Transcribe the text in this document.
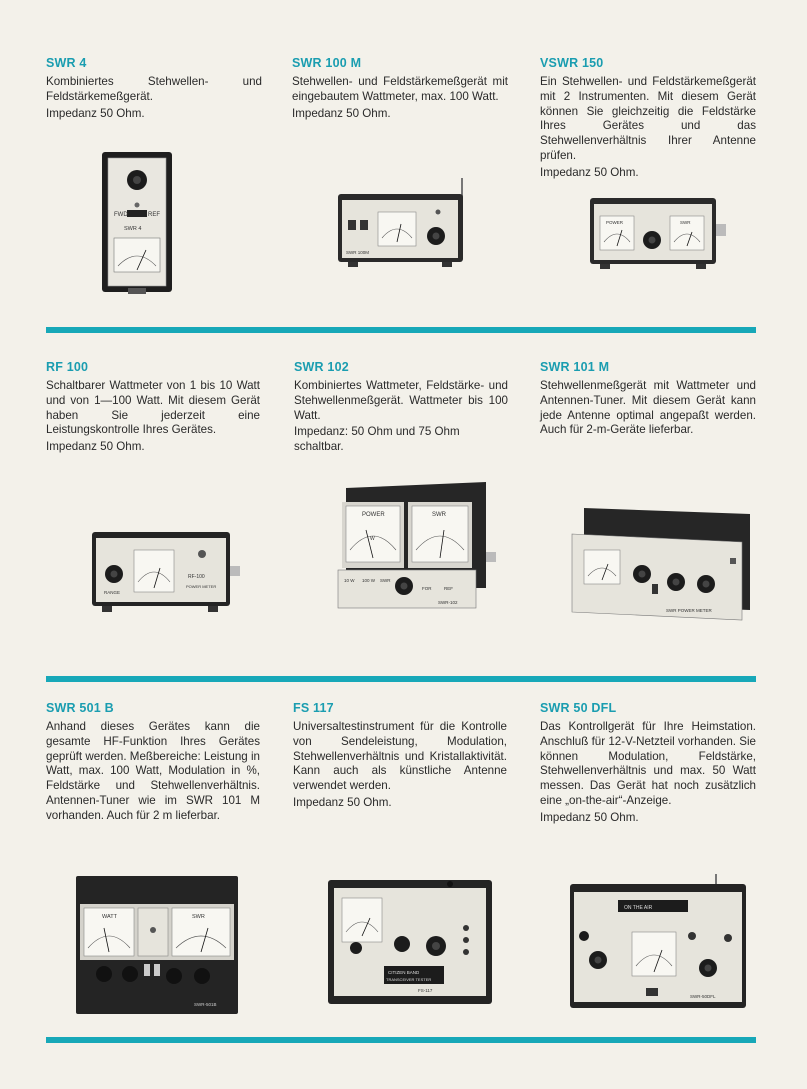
SWR 4

Kombiniertes Stehwellen- und Feldstärkemeßgerät.

Impedanz 50 Ohm.

SWR 100 M

Stehwellen- und Feldstärkemeßgerät mit eingebautem Wattmeter, max. 100 Watt.

Impedanz 50 Ohm.

VSWR 150

Ein Stehwellen- und Feldstärkemeßgerät mit 2 Instrumenten. Mit diesem Gerät können Sie gleichzeitig die Feldstärke Ihres Gerätes und das Stehwellenverhältnis Ihrer Antenne prüfen.

Impedanz 50 Ohm.

FWD	REF
SWR 4
SWR 100M
POWER	SWR

RF 100

Schaltbarer Wattmeter von 1 bis 10 Watt und von 1—100 Watt. Mit diesem Gerät haben Sie jederzeit eine Leistungskontrolle Ihres Gerätes.

Impedanz 50 Ohm.

SWR 102

Kombiniertes Wattmeter, Feldstärke- und Stehwellenmeßgerät. Wattmeter bis 100 Watt.

Impedanz: 50 Ohm und 75 Ohm schaltbar.

SWR 101 M

Stehwellenmeßgerät mit Wattmeter und Antennen-Tuner. Mit diesem Gerät kann jede Antenne optimal angepaßt werden. Auch für 2-m-Geräte lieferbar.

RANGE
RF-100
POWER METER
POWER
W
SWR
10 W 100 W SWR
FOR	REF
SWR-102
SWR POWER METER

SWR 501 B

Anhand dieses Gerätes kann die gesamte HF-Funktion Ihres Gerätes geprüft werden. Meßbereiche: Leistung in Watt, max. 100 Watt, Modulation in %, Feldstärke und Stehwellenverhältnis. Antennen-Tuner wie im SWR 101 M vorhanden. Auch für 2 m lieferbar.

FS 117

Universaltestinstrument für die Kontrolle von Sendeleistung, Modulation, Stehwellenverhältnis und Kristallaktivität. Kann auch als künstliche Antenne verwendet werden.

Impedanz 50 Ohm.

SWR 50 DFL

Das Kontrollgerät für Ihre Heimstation. Anschluß für 12-V-Netzteil vorhanden. Sie können Modulation, Feldstärke, Stehwellenverhältnis und max. 50 Watt messen. Das Gerät hat noch zusätzlich eine „on-the-air“-Anzeige.

Impedanz 50 Ohm.

WATT	SWR
SWR-501B
CITIZEN BAND
TRANSCEIVER TESTER
FS-117
ON THE AIR
SWR-50DFL
